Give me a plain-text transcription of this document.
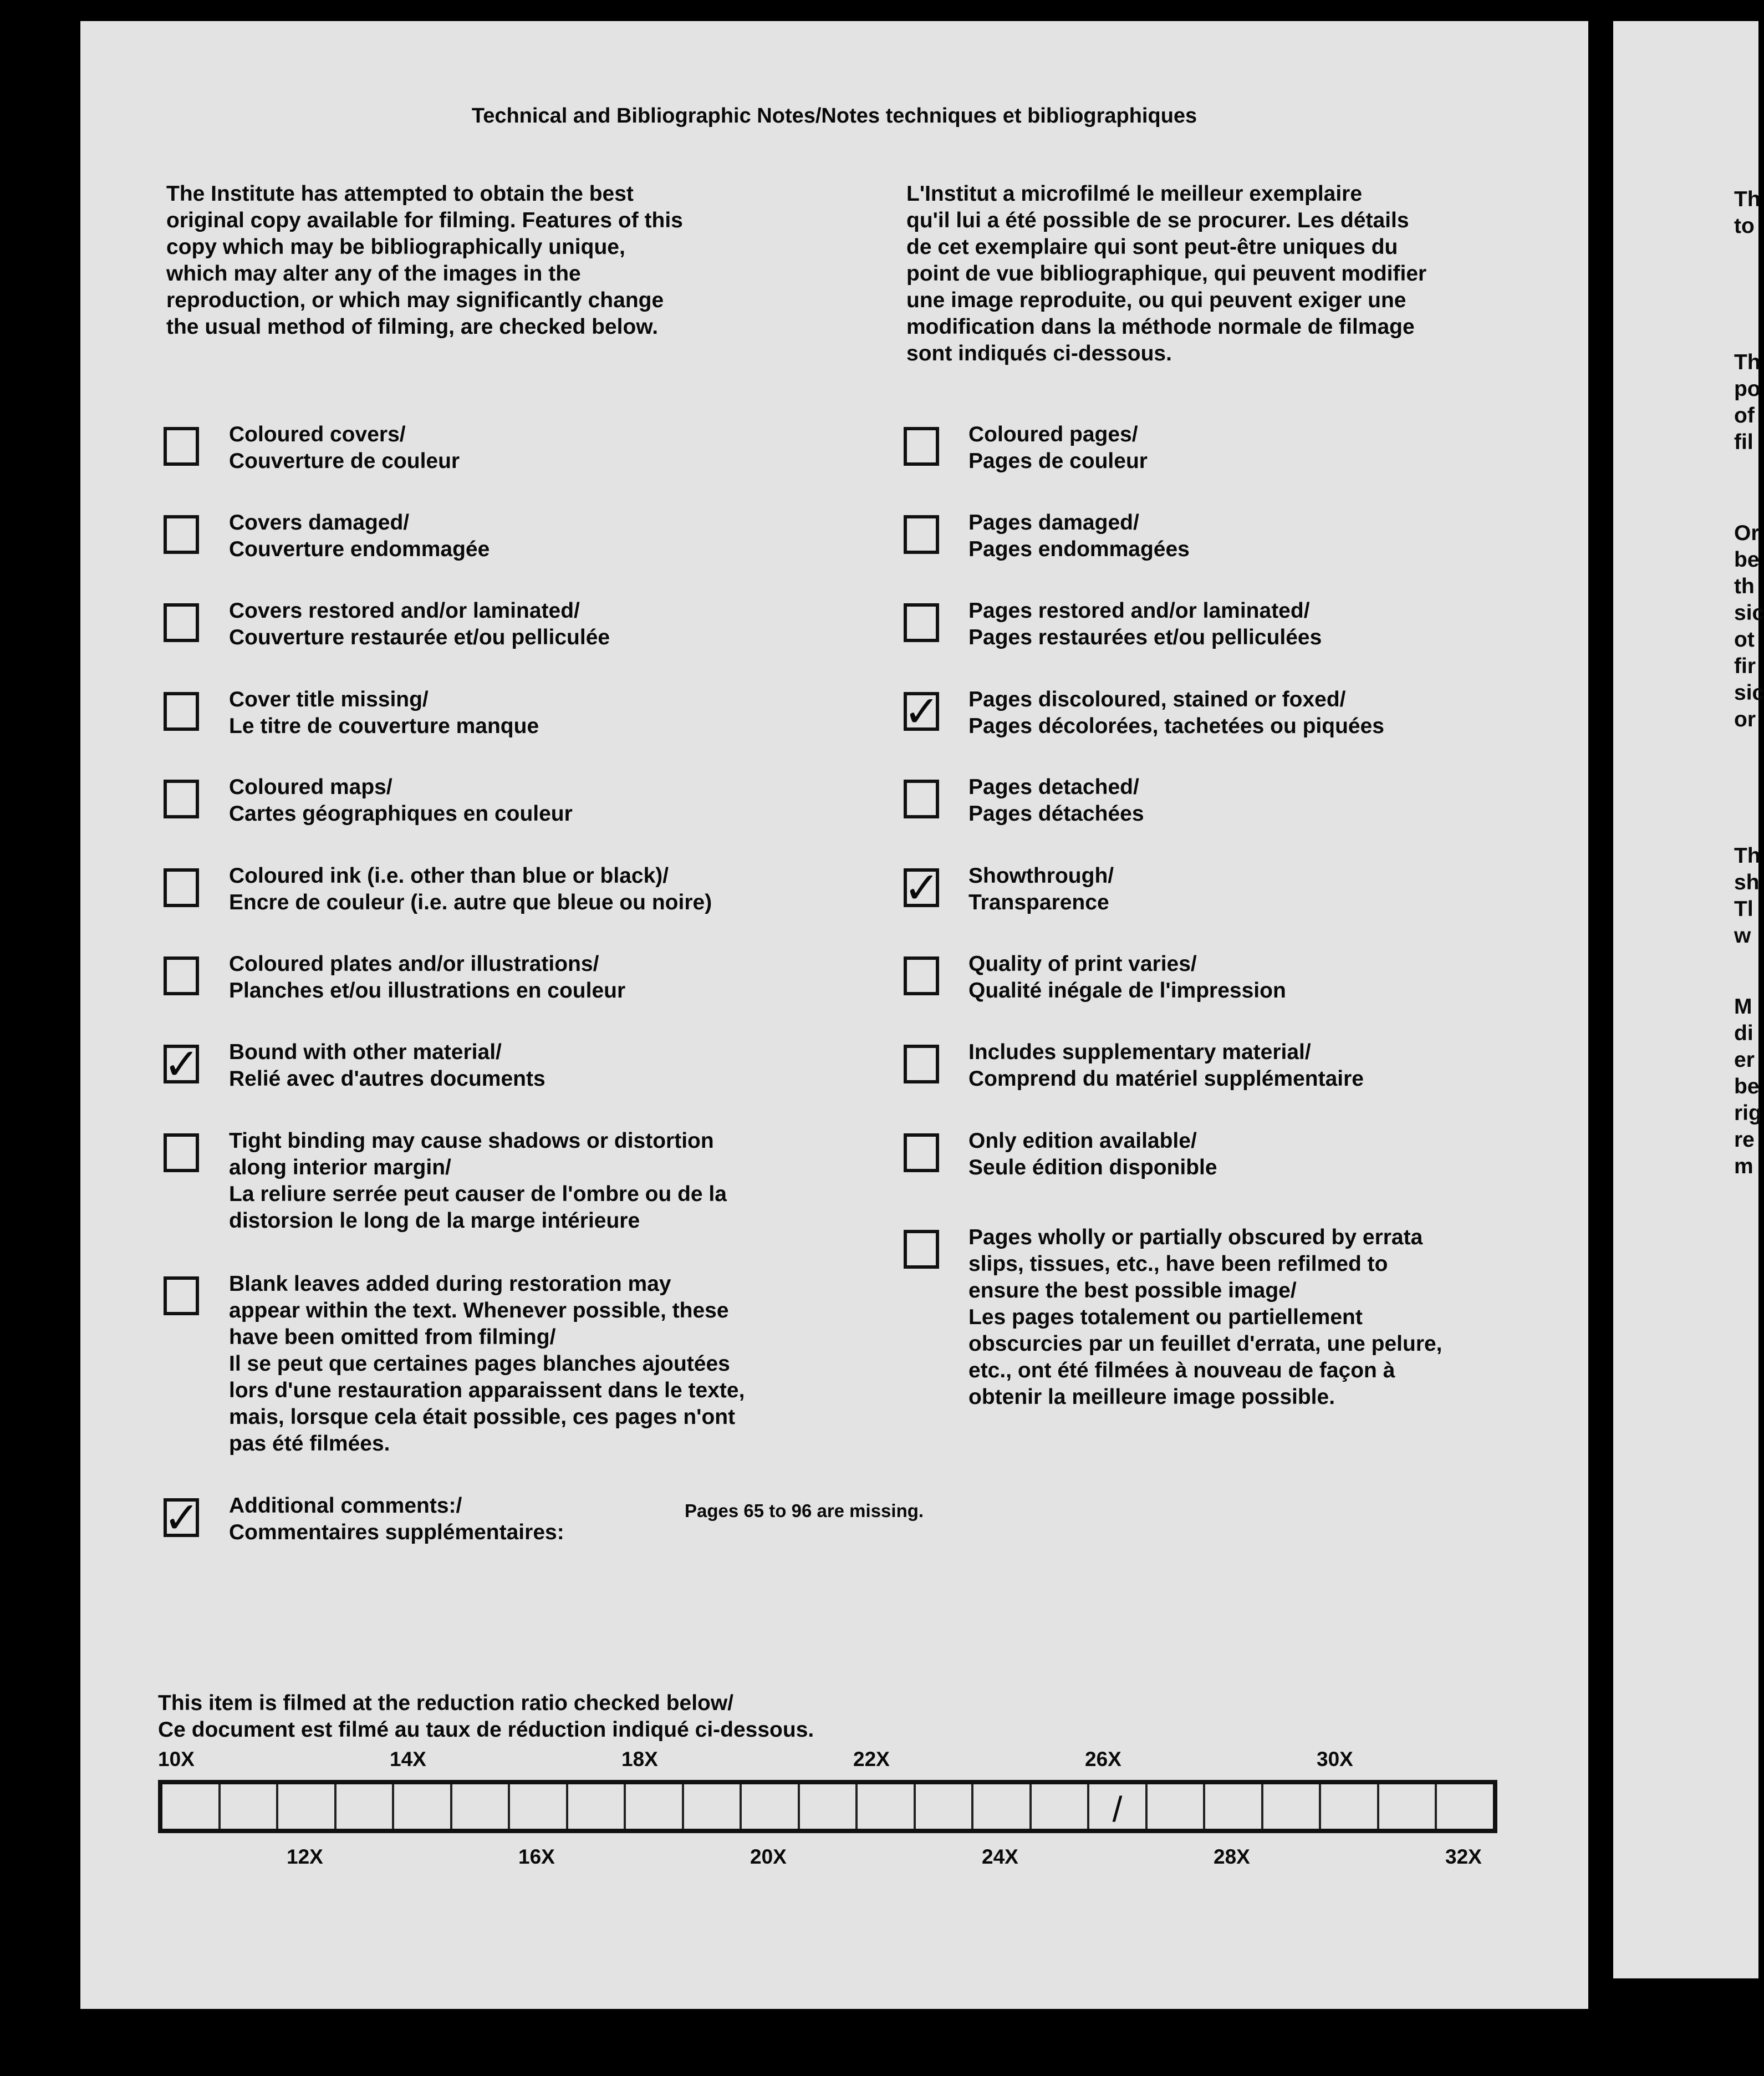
Technical and Bibliographic Notes/Notes techniques et bibliographiques
The Institute has attempted to obtain the best
original copy available for filming. Features of this
copy which may be bibliographically unique,
which may alter any of the images in the
reproduction, or which may significantly change
the usual method of filming, are checked below.
L'Institut a microfilmé le meilleur exemplaire
qu'il lui a été possible de se procurer. Les détails
de cet exemplaire qui sont peut-être uniques du
point de vue bibliographique, qui peuvent modifier
une image reproduite, ou qui peuvent exiger une
modification dans la méthode normale de filmage
sont indiqués ci-dessous.
Pages 65 to 96 are missing.
This item is filmed at the reduction ratio checked below/
Ce document est filmé au taux de réduction indiqué ci-dessous.
/
Coloured covers/
Couverture de couleur
Covers damaged/
Couverture endommagée
Covers restored and/or laminated/
Couverture restaurée et/ou pelliculée
Cover title missing/
Le titre de couverture manque
Coloured maps/
Cartes géographiques en couleur
Coloured ink (i.e. other than blue or black)/
Encre de couleur (i.e. autre que bleue ou noire)
Coloured plates and/or illustrations/
Planches et/ou illustrations en couleur
✓ Bound with other material/
Relié avec d'autres documents
Tight binding may cause shadows or distortion
along interior margin/
La reliure serrée peut causer de l'ombre ou de la
distorsion le long de la marge intérieure
Blank leaves added during restoration may
appear within the text. Whenever possible, these
have been omitted from filming/
Il se peut que certaines pages blanches ajoutées
lors d'une restauration apparaissent dans le texte,
mais, lorsque cela était possible, ces pages n'ont
pas été filmées.
✓ Additional comments:/
Commentaires supplémentaires:
Coloured pages/
Pages de couleur
Pages damaged/
Pages endommagées
Pages restored and/or laminated/
Pages restaurées et/ou pelliculées
✓ Pages discoloured, stained or foxed/
Pages décolorées, tachetées ou piquées
Pages detached/
Pages détachées
✓ Showthrough/
Transparence
Quality of print varies/
Qualité inégale de l'impression
Includes supplementary material/
Comprend du matériel supplémentaire
Only edition available/
Seule édition disponible
Pages wholly or partially obscured by errata
slips, tissues, etc., have been refilmed to
ensure the best possible image/
Les pages totalement ou partiellement
obscurcies par un feuillet d'errata, une pelure,
etc., ont été filmées à nouveau de façon à
obtenir la meilleure image possible.
10X	14X	18X	22X	26X	30X
12X	16X	20X	24X	28X	32X
Th
to
Th
po
of
fil
Or
be
th
sic
ot
fir
sic
or
Th
sh
Tl
w
M
di
er
be
rig
re
m
